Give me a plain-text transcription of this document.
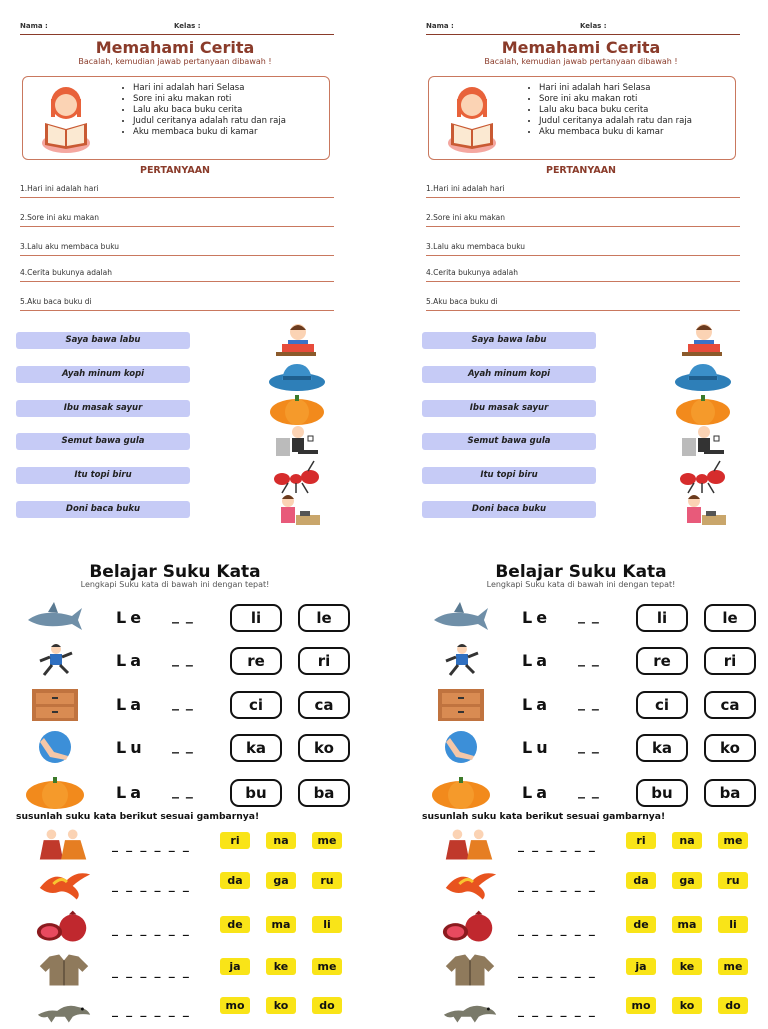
Nama :	Kelas :
Memahami Cerita
Bacalah, kemudian jawab pertanyaan dibawah !
• Hari ini adalah hari Selasa
• Sore ini aku makan roti
• Lalu aku baca buku cerita
• Judul ceritanya adalah ratu dan raja
• Aku membaca buku di kamar
PERTANYAAN
1.Hari ini adalah hari
2.Sore ini aku makan
3.Lalu aku membaca buku
4.Cerita bukunya adalah
5.Aku baca buku di
Saya bawa labu
Ayah minum kopi
Ibu masak sayur
Semut bawa gula
Itu topi biru
Doni baca buku
Belajar Suku Kata
Lengkapi Suku kata di bawah ini dengan tepat!
Le _ _	li	le
La _ _	re	ri
La _ _	ci	ca
Lu _ _	ka	ko
La _ _	bu	ba
susunlah suku kata berikut sesuai gambarnya!
_ _ _ _ _ _	ri	na	me
_ _ _ _ _ _	da	ga	ru
_ _ _ _ _ _	de	ma	li
_ _ _ _ _ _	ja	ke	me
_ _ _ _ _ _	mo	ko	do
Nama :	Kelas :
Memahami Cerita
Bacalah, kemudian jawab pertanyaan dibawah !
• Hari ini adalah hari Selasa
• Sore ini aku makan roti
• Lalu aku baca buku cerita
• Judul ceritanya adalah ratu dan raja
• Aku membaca buku di kamar
PERTANYAAN
1.Hari ini adalah hari
2.Sore ini aku makan
3.Lalu aku membaca buku
4.Cerita bukunya adalah
5.Aku baca buku di
Saya bawa labu
Ayah minum kopi
Ibu masak sayur
Semut bawa gula
Itu topi biru
Doni baca buku
Belajar Suku Kata
Lengkapi Suku kata di bawah ini dengan tepat!
Le _ _	li	le
La _ _	re	ri
La _ _	ci	ca
Lu _ _	ka	ko
La _ _	bu	ba
susunlah suku kata berikut sesuai gambarnya!
_ _ _ _ _ _	ri	na	me
_ _ _ _ _ _	da	ga	ru
_ _ _ _ _ _	de	ma	li
_ _ _ _ _ _	ja	ke	me
_ _ _ _ _ _	mo	ko	do
